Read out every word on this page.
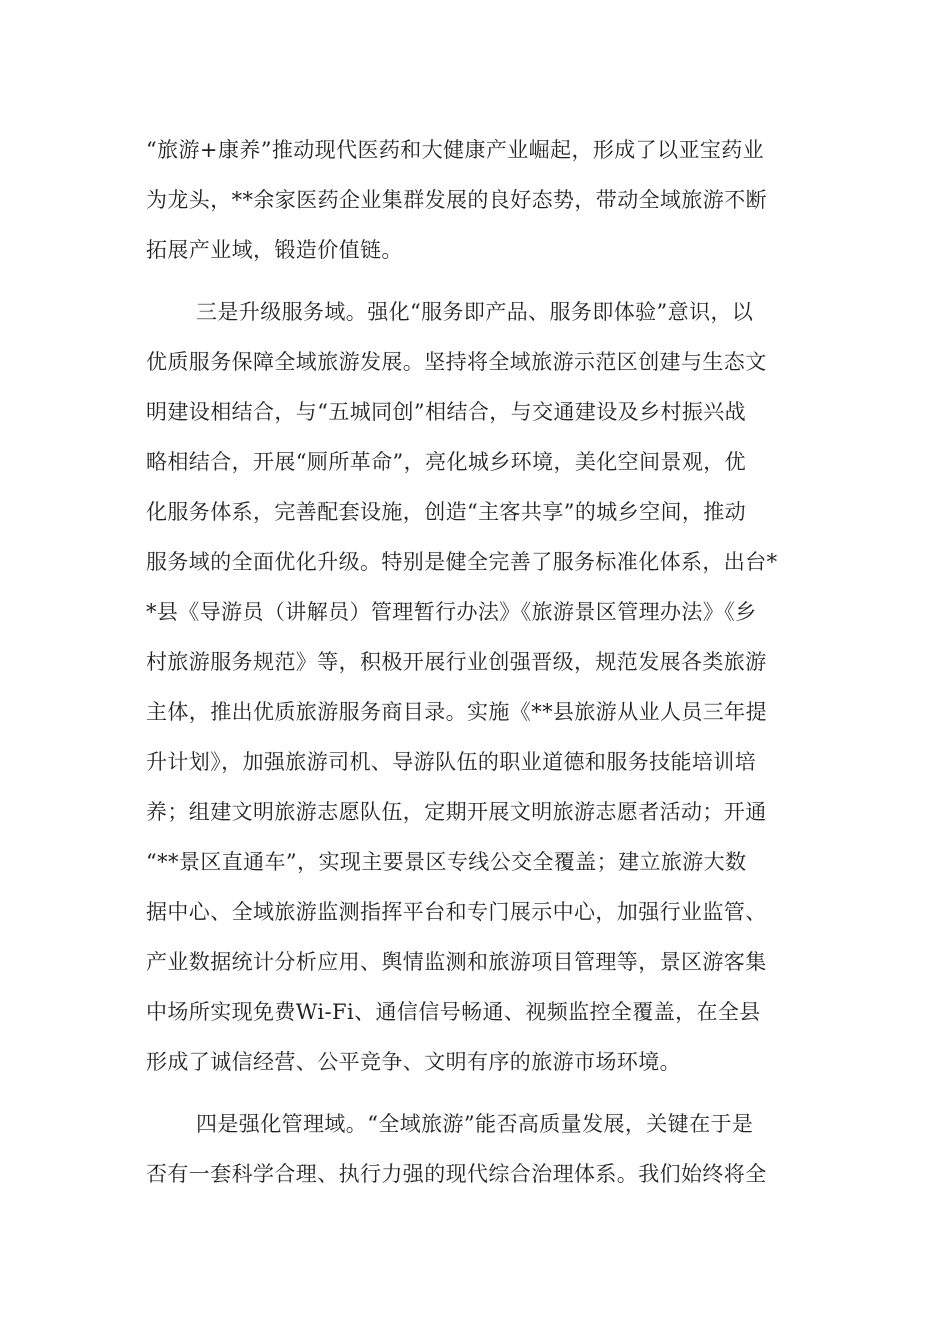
“旅游+康养”推动现代医药和大健康产业崛起，形成了以亚宝药业
为龙头，**余家医药企业集群发展的良好态势，带动全域旅游不断
拓展产业域，锻造价值链。
三是升级服务域。强化“服务即产品、服务即体验”意识，以
优质服务保障全域旅游发展。坚持将全域旅游示范区创建与生态文
明建设相结合，与“五城同创”相结合，与交通建设及乡村振兴战
略相结合，开展“厕所革命”，亮化城乡环境，美化空间景观，优
化服务体系，完善配套设施，创造“主客共享”的城乡空间，推动
服务域的全面优化升级。特别是健全完善了服务标准化体系，出台*
*县《导游员（讲解员）管理暂行办法》《旅游景区管理办法》《乡
村旅游服务规范》等，积极开展行业创强晋级，规范发展各类旅游
主体，推出优质旅游服务商目录。实施《**县旅游从业人员三年提
升计划》，加强旅游司机、导游队伍的职业道德和服务技能培训培
养；组建文明旅游志愿队伍，定期开展文明旅游志愿者活动；开通
“**景区直通车”，实现主要景区专线公交全覆盖；建立旅游大数
据中心、全域旅游监测指挥平台和专门展示中心，加强行业监管、
产业数据统计分析应用、舆情监测和旅游项目管理等，景区游客集
中场所实现免费Wi-Fi、通信信号畅通、视频监控全覆盖，在全县
形成了诚信经营、公平竞争、文明有序的旅游市场环境。
四是强化管理域。“全域旅游”能否高质量发展，关键在于是
否有一套科学合理、执行力强的现代综合治理体系。我们始终将全
